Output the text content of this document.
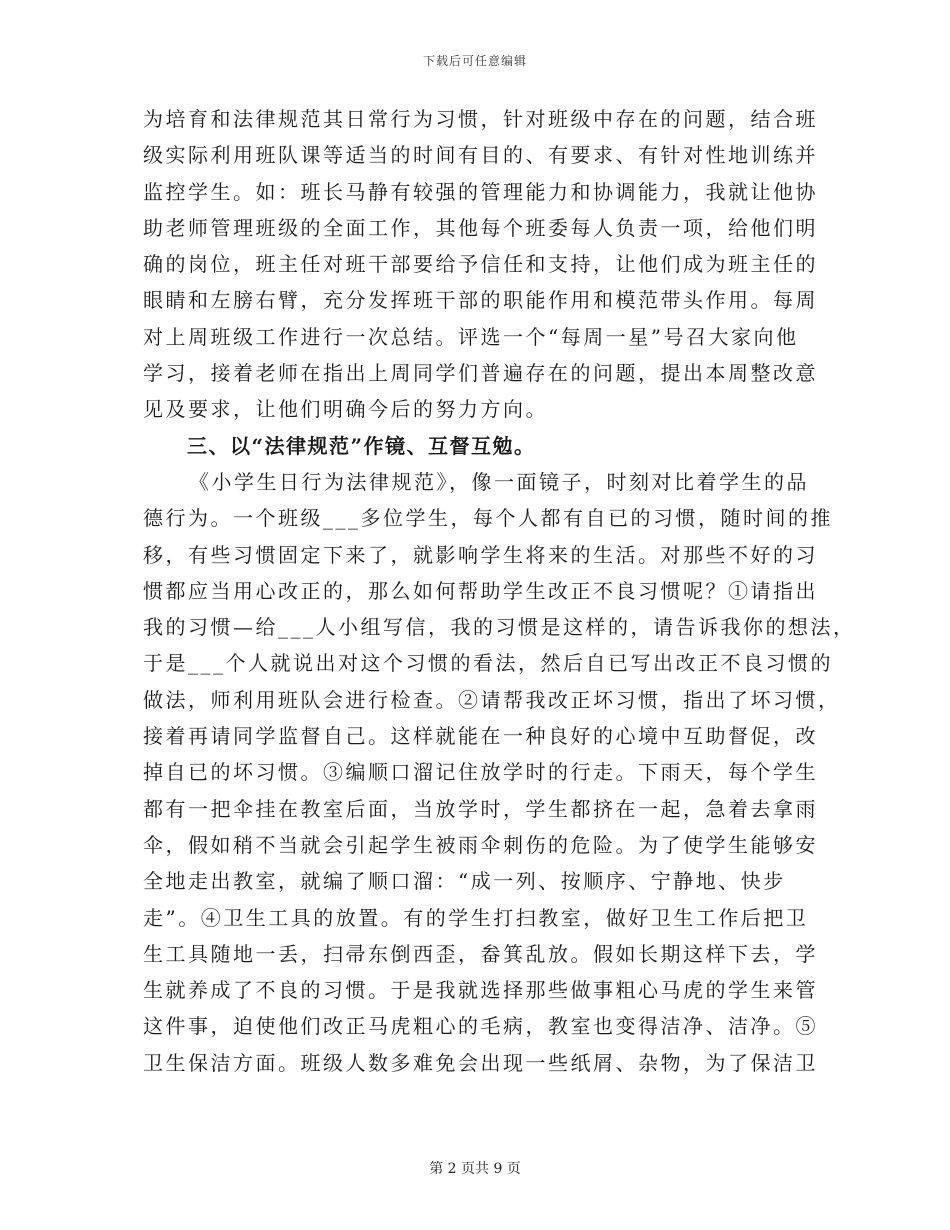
下载后可任意编辑
为培育和法律规范其日常行为习惯，针对班级中存在的问题，结合班
级实际利用班队课等适当的时间有目的、有要求、有针对性地训练并
监控学生。如：班长马静有较强的管理能力和协调能力，我就让他协
助老师管理班级的全面工作，其他每个班委每人负责一项，给他们明
确的岗位，班主任对班干部要给予信任和支持，让他们成为班主任的
眼睛和左膀右臂，充分发挥班干部的职能作用和模范带头作用。每周
对上周班级工作进行一次总结。评选一个“每周一星”号召大家向他
学习，接着老师在指出上周同学们普遍存在的问题，提出本周整改意
见及要求，让他们明确今后的努力方向。
三、以“法律规范”作镜、互督互勉。
《小学生日行为法律规范》，像一面镜子，时刻对比着学生的品
德行为。一个班级___多位学生，每个人都有自已的习惯，随时间的推
移，有些习惯固定下来了，就影响学生将来的生活。对那些不好的习
惯都应当用心改正的，那么如何帮助学生改正不良习惯呢？①请指出
我的习惯—给___人小组写信，我的习惯是这样的，请告诉我你的想法，
于是___个人就说出对这个习惯的看法，然后自已写出改正不良习惯的
做法，师利用班队会进行检查。②请帮我改正坏习惯，指出了坏习惯，
接着再请同学监督自己。这样就能在一种良好的心境中互助督促，改
掉自已的坏习惯。③编顺口溜记住放学时的行走。下雨天，每个学生
都有一把伞挂在教室后面，当放学时，学生都挤在一起，急着去拿雨
伞，假如稍不当就会引起学生被雨伞刺伤的危险。为了使学生能够安
全地走出教室，就编了顺口溜：“成一列、按顺序、宁静地、快步
走”。④卫生工具的放置。有的学生打扫教室，做好卫生工作后把卫
生工具随地一丢，扫帚东倒西歪，畚箕乱放。假如长期这样下去，学
生就养成了不良的习惯。于是我就选择那些做事粗心马虎的学生来管
这件事，迫使他们改正马虎粗心的毛病，教室也变得洁净、洁净。⑤
卫生保洁方面。班级人数多难免会出现一些纸屑、杂物，为了保洁卫
第 2 页共 9 页
